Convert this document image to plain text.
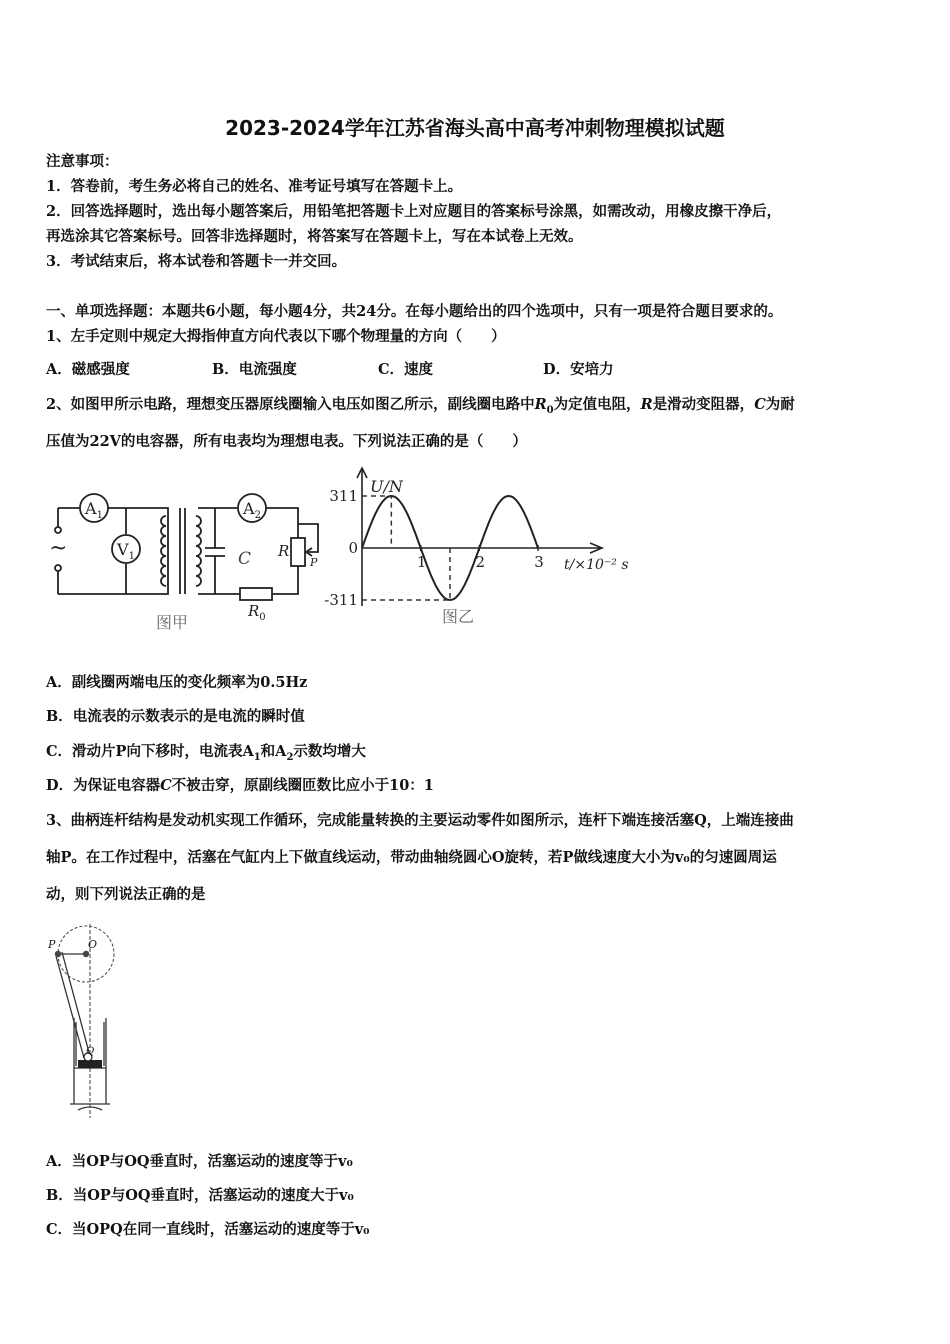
2023-2024学年江苏省海头高中高考冲刺物理模拟试题
注意事项：
1．答卷前，考生务必将自己的姓名、准考证号填写在答题卡上。
2．回答选择题时，选出每小题答案后，用铅笔把答题卡上对应题目的答案标号涂黑，如需改动，用橡皮擦干净后，
再选涂其它答案标号。回答非选择题时，将答案写在答题卡上，写在本试卷上无效。
3．考试结束后，将本试卷和答题卡一并交回。
一、单项选择题：本题共6小题，每小题4分，共24分。在每小题给出的四个选项中，只有一项是符合题目要求的。
1、左手定则中规定大拇指伸直方向代表以下哪个物理量的方向（　　）
A．磁感强度	B．电流强度	C．速度	D．安培力
2、如图甲所示电路，理想变压器原线圈输入电压如图乙所示，副线圈电路中$R_0$为定值电阻，R是滑动变阻器，C为耐
压值为22V的电容器，所有电表均为理想电表。下列说法正确的是（　　）
~
$A_1$
$V_1$
$A_2$
C R
P
$R_0$
图甲
311
0
-311
1	2	3
U/N
t/×10⁻² s
图乙
A．副线圈两端电压的变化频率为0.5Hz
B．电流表的示数表示的是电流的瞬时值
C．滑动片P向下移时，电流表$A_1$和$A_2$示数均增大
D．为保证电容器C不被击穿，原副线圈匝数比应小于10：1
3、曲柄连杆结构是发动机实现工作循环，完成能量转换的主要运动零件如图所示，连杆下端连接活塞Q，上端连接曲
轴P。在工作过程中，活塞在气缸内上下做直线运动，带动曲轴绕圆心O旋转，若P做线速度大小为v₀的匀速圆周运
动，则下列说法正确的是
P	O
Q
A．当OP与OQ垂直时，活塞运动的速度等于v₀
B．当OP与OQ垂直时，活塞运动的速度大于v₀
C．当OPQ在同一直线时，活塞运动的速度等于v₀
